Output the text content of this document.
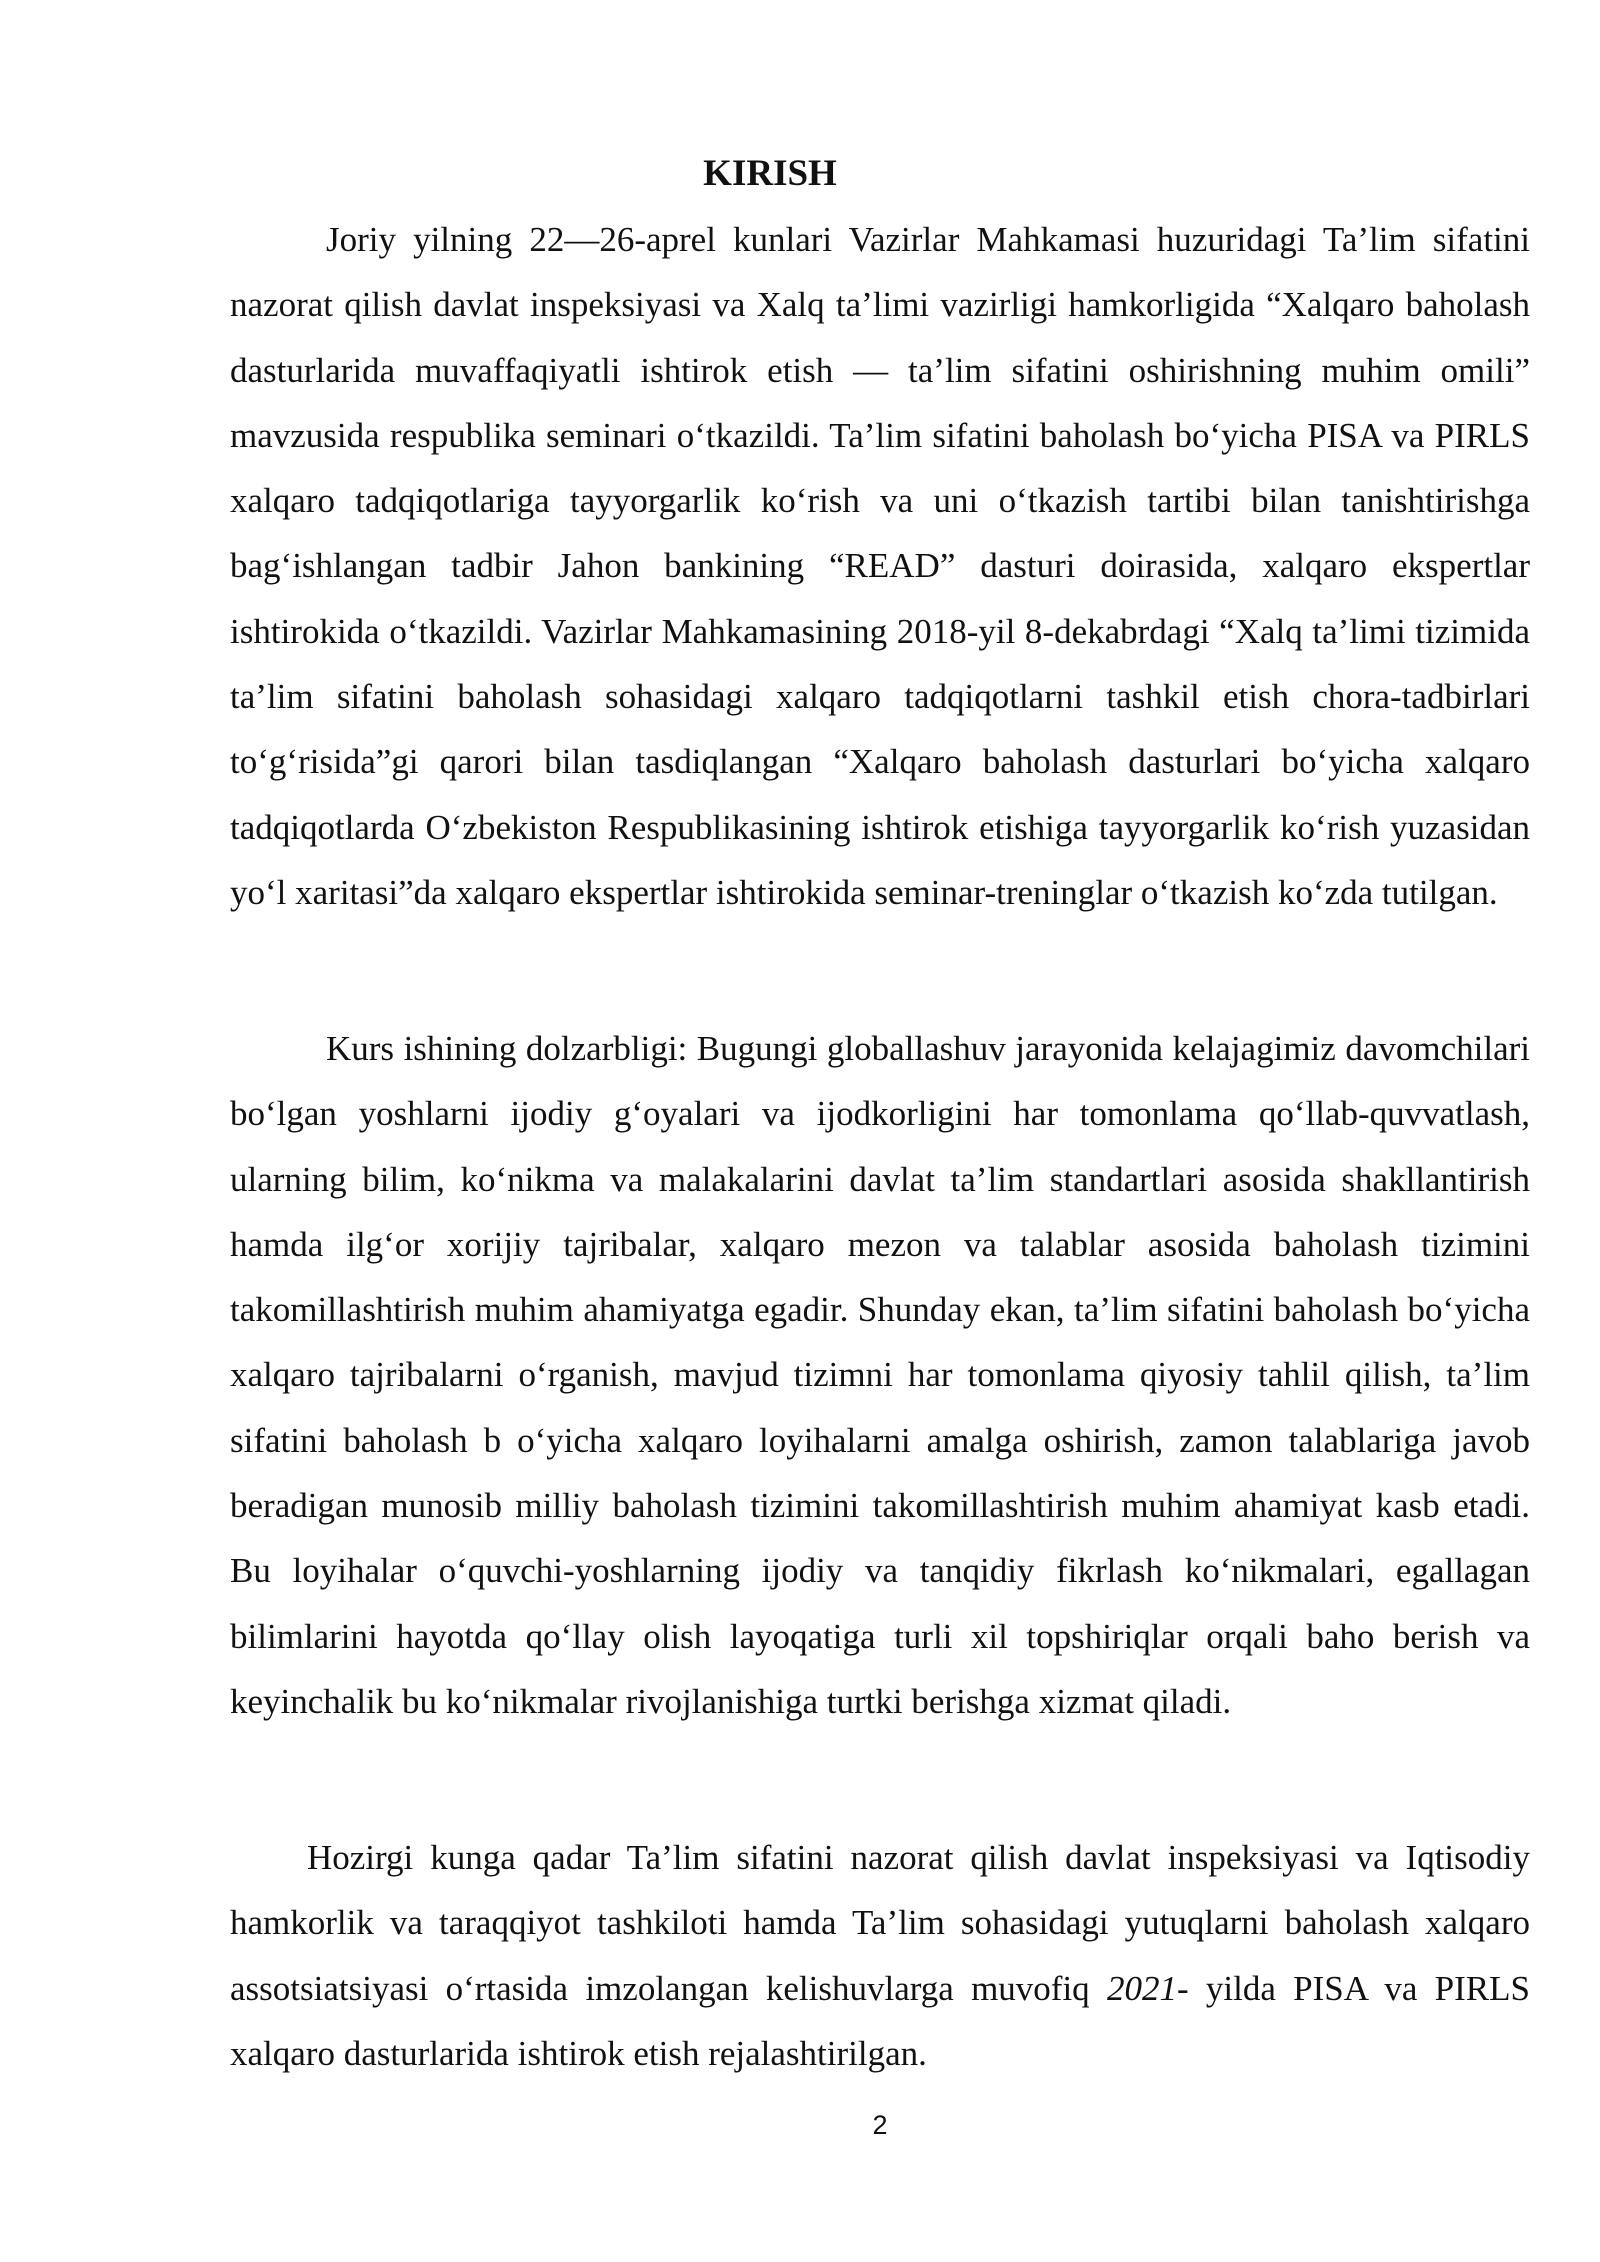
KIRISH

Joriy yilning 22—26-aprel kunlari Vazirlar Mahkamasi huzuridagi Ta’lim sifatini nazorat qilish davlat inspeksiyasi va Xalq ta’limi vazirligi hamkorligida “Xalqaro baholash dasturlarida muvaffaqiyatli ishtirok etish — ta’lim sifatini oshirishning muhim omili” mavzusida respublika seminari o‘tkazildi. Ta’lim sifatini baholash bo‘yicha PISA va PIRLS xalqaro tadqiqotlariga tayyorgarlik ko‘rish va uni o‘tkazish tartibi bilan tanishtirishga bag‘ishlangan tadbir Jahon bankining “READ” dasturi doirasida, xalqaro ekspertlar ishtirokida o‘tkazildi. Vazirlar Mahkamasining 2018-yil 8-dekabrdagi “Xalq ta’limi tizimida ta’lim sifatini baholash sohasidagi xalqaro tadqiqotlarni tashkil etish chora-tadbirlari to‘g‘risida”gi qarori bilan tasdiqlangan “Xalqaro baholash dasturlari bo‘yicha xalqaro tadqiqotlarda O‘zbekiston Respublikasining ishtirok etishiga tayyorgarlik ko‘rish yuzasidan yo‘l xaritasi”da xalqaro ekspertlar ishtirokida seminar-treninglar o‘tkazish ko‘zda tutilgan.

Kurs ishining dolzarbligi: Bugungi globallashuv jarayonida kelajagimiz davomchilari bo‘lgan yoshlarni ijodiy g‘oyalari va ijodkorligini har tomonlama qo‘llab-quvvatlash, ularning bilim, ko‘nikma va malakalarini davlat ta’lim standartlari asosida shakllantirish hamda ilg‘or xorijiy tajribalar, xalqaro mezon va talablar asosida baholash tizimini takomillashtirish muhim ahamiyatga egadir. Shunday ekan, ta’lim sifatini baholash bo‘yicha xalqaro tajribalarni o‘rganish, mavjud tizimni har tomonlama qiyosiy tahlil qilish, ta’lim sifatini baholash b o‘yicha xalqaro loyihalarni amalga oshirish, zamon talablariga javob beradigan munosib milliy baholash tizimini takomillashtirish muhim ahamiyat kasb etadi. Bu loyihalar o‘quvchi-yoshlarning ijodiy va tanqidiy fikrlash ko‘nikmalari, egallagan bilimlarini hayotda qo‘llay olish layoqatiga turli xil topshiriqlar orqali baho berish va keyinchalik bu ko‘nikmalar rivojlanishiga turtki berishga xizmat qiladi.

Hozirgi kunga qadar Ta’lim sifatini nazorat qilish davlat inspeksiyasi va Iqtisodiy hamkorlik va taraqqiyot tashkiloti hamda Ta’lim sohasidagi yutuqlarni baholash xalqaro assotsiatsiyasi o‘rtasida imzolangan kelishuvlarga muvofiq 2021- yilda PISA va PIRLS xalqaro dasturlarida ishtirok etish rejalashtirilgan.

2
